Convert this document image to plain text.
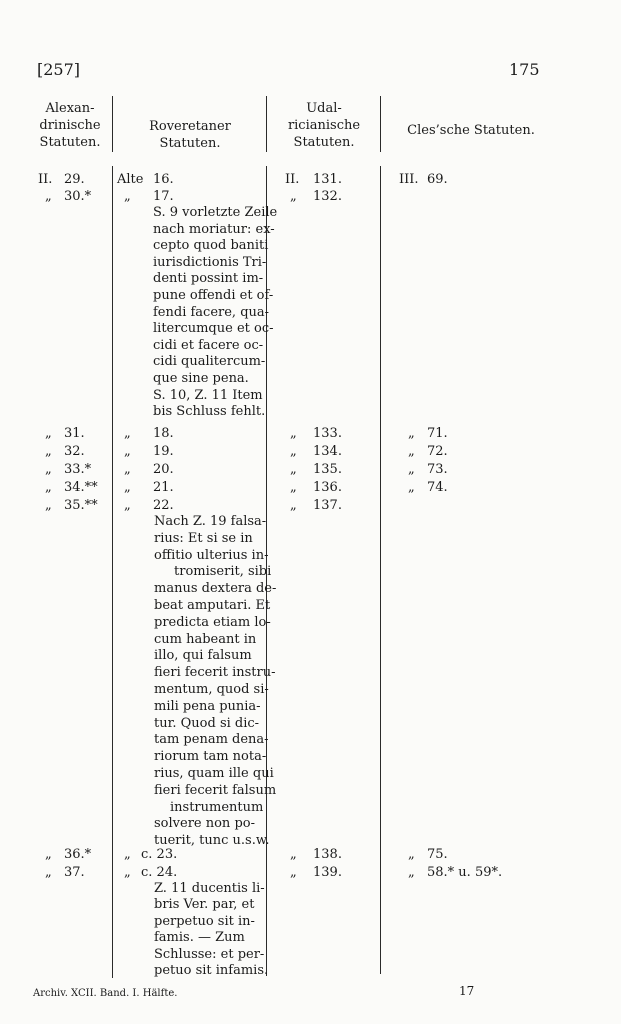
[257]	175
Alexan-
drinische
Statuten.
Roveretaner
Statuten.
Udal-
ricianische
Statuten.
Cles’sche Statuten.
II. 29. Alte 16.	II. 131.	III. 69.
„ 30.*	„ 17.	„ 132.
S. 9 vorletzte Zeile
nach moriatur: ex-
cepto quod baniti
iurisdictionis Tri-
denti possint im-
pune offendi et of-
fendi facere, qua-
litercumque et oc-
cidi et facere oc-
cidi qualitercum-
que sine pena.
S. 10, Z. 11 Item
bis Schluss fehlt.
„ 31.	„ 18.	„ 133.	„ 71.
„ 32.	„ 19.	„ 134.	„ 72.
„ 33.*	„ 20.	„ 135.	„ 73.
„ 34.** „ 21.	„ 136.	„ 74.
„ 35.** „ 22.	„ 137.
Nach Z. 19 falsa-
rius: Et si se in
offitio ulterius in-
tromiserit, sibi
manus dextera de-
beat amputari. Et
predicta etiam lo-
cum habeant in
illo, qui falsum
fieri fecerit instru-
mentum, quod si-
mili pena punia-
tur. Quod si dic-
tam penam dena-
riorum tam nota-
rius, quam ille qui
fieri fecerit falsum
instrumentum
solvere non po-
tuerit, tunc u.s.w.
„ 36.*	„ c. 23.	„ 138.	„ 75.
„ 37.	„ c. 24.	„ 139.	„ 58.* u. 59*.
Z. 11 ducentis li-
bris Ver. par, et
perpetuo sit in-
famis. — Zum
Schlusse: et per-
petuo sit infamis.
Archiv. XCII. Band. I. Hälfte.	17
